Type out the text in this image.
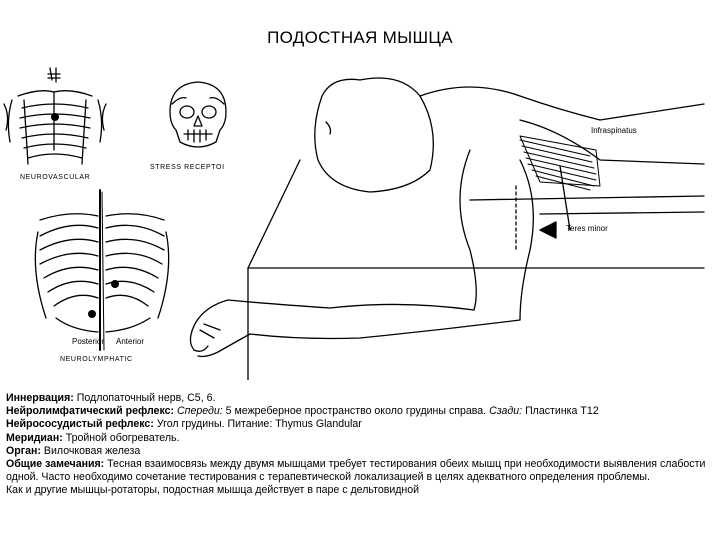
ПОДОСТНАЯ МЫШЦА
NEUROVASCULAR
STRESS RECEPTOI
Posterior Anterior
NEUROLYMPHATIC
Infraspinatus
Teres minor
Иннервация: Подлопаточный нерв, C5, 6.
Нейролимфатический рефлекс: Спереди: 5 межреберное пространство около грудины справа. Сзади: Пластинка Т12
Нейрососудистый рефлекс: Угол грудины. Питание: Thymus Glandular
Меридиан: Тройной обогреватель.
Орган: Вилочковая железа
Общие замечания: Тесная взаимосвязь между двумя мышцами требует тестирования обеих мышц при необходимости выявления слабости одной. Часто необходимо сочетание тестирования с терапевтической локализацией в целях адекватного определения проблемы.
Как и другие мышцы-ротаторы, подостная мышца действует в паре с дельтовидной
